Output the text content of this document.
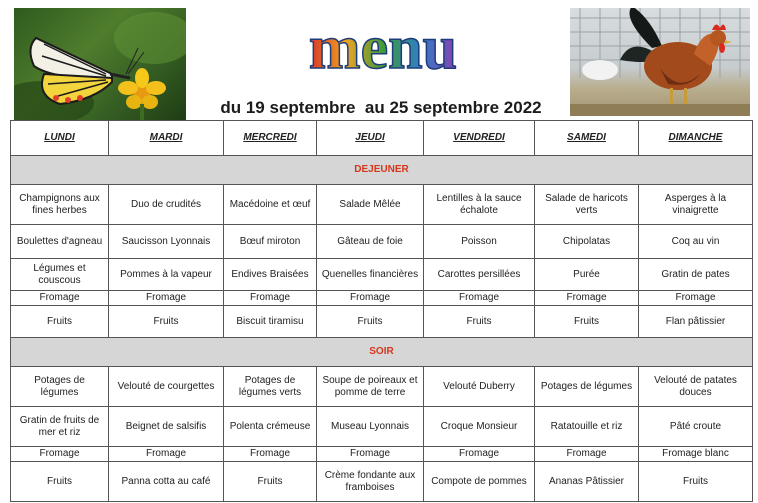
menu
du 19 septembre  au 25 septembre 2022
LUNDI	MARDI	MERCREDI	JEUDI	VENDREDI	SAMEDI	DIMANCHE
DEJEUNER						
Champignons aux fines herbes	Duo de crudités	Macédoine et œuf	Salade Mêlée	Lentilles à la sauce échalote	Salade de haricots verts	Asperges à la vinaigrette
Boulettes d'agneau	Saucisson Lyonnais	Bœuf miroton	Gâteau de foie	Poisson	Chipolatas	Coq au vin
Légumes et couscous	Pommes à la vapeur	Endives Braisées	Quenelles financières	Carottes persillées	Purée	Gratin de pates
Fromage	Fromage	Fromage	Fromage	Fromage	Fromage	Fromage
Fruits	Fruits	Biscuit tiramisu	Fruits	Fruits	Fruits	Flan pâtissier
SOIR						
Potages de légumes	Velouté de courgettes	Potages de légumes verts	Soupe de poireaux et pomme de terre	Velouté Duberry	Potages de légumes	Velouté de patates douces
Gratin de fruits de mer et riz	Beignet de salsifis	Polenta crémeuse	Museau Lyonnais	Croque Monsieur	Ratatouille et riz	Pâté croute
Fromage	Fromage	Fromage	Fromage	Fromage	Fromage	Fromage blanc
Fruits	Panna cotta au café	Fruits	Crème fondante aux framboises	Compote de pommes	Ananas Pâtissier	Fruits
